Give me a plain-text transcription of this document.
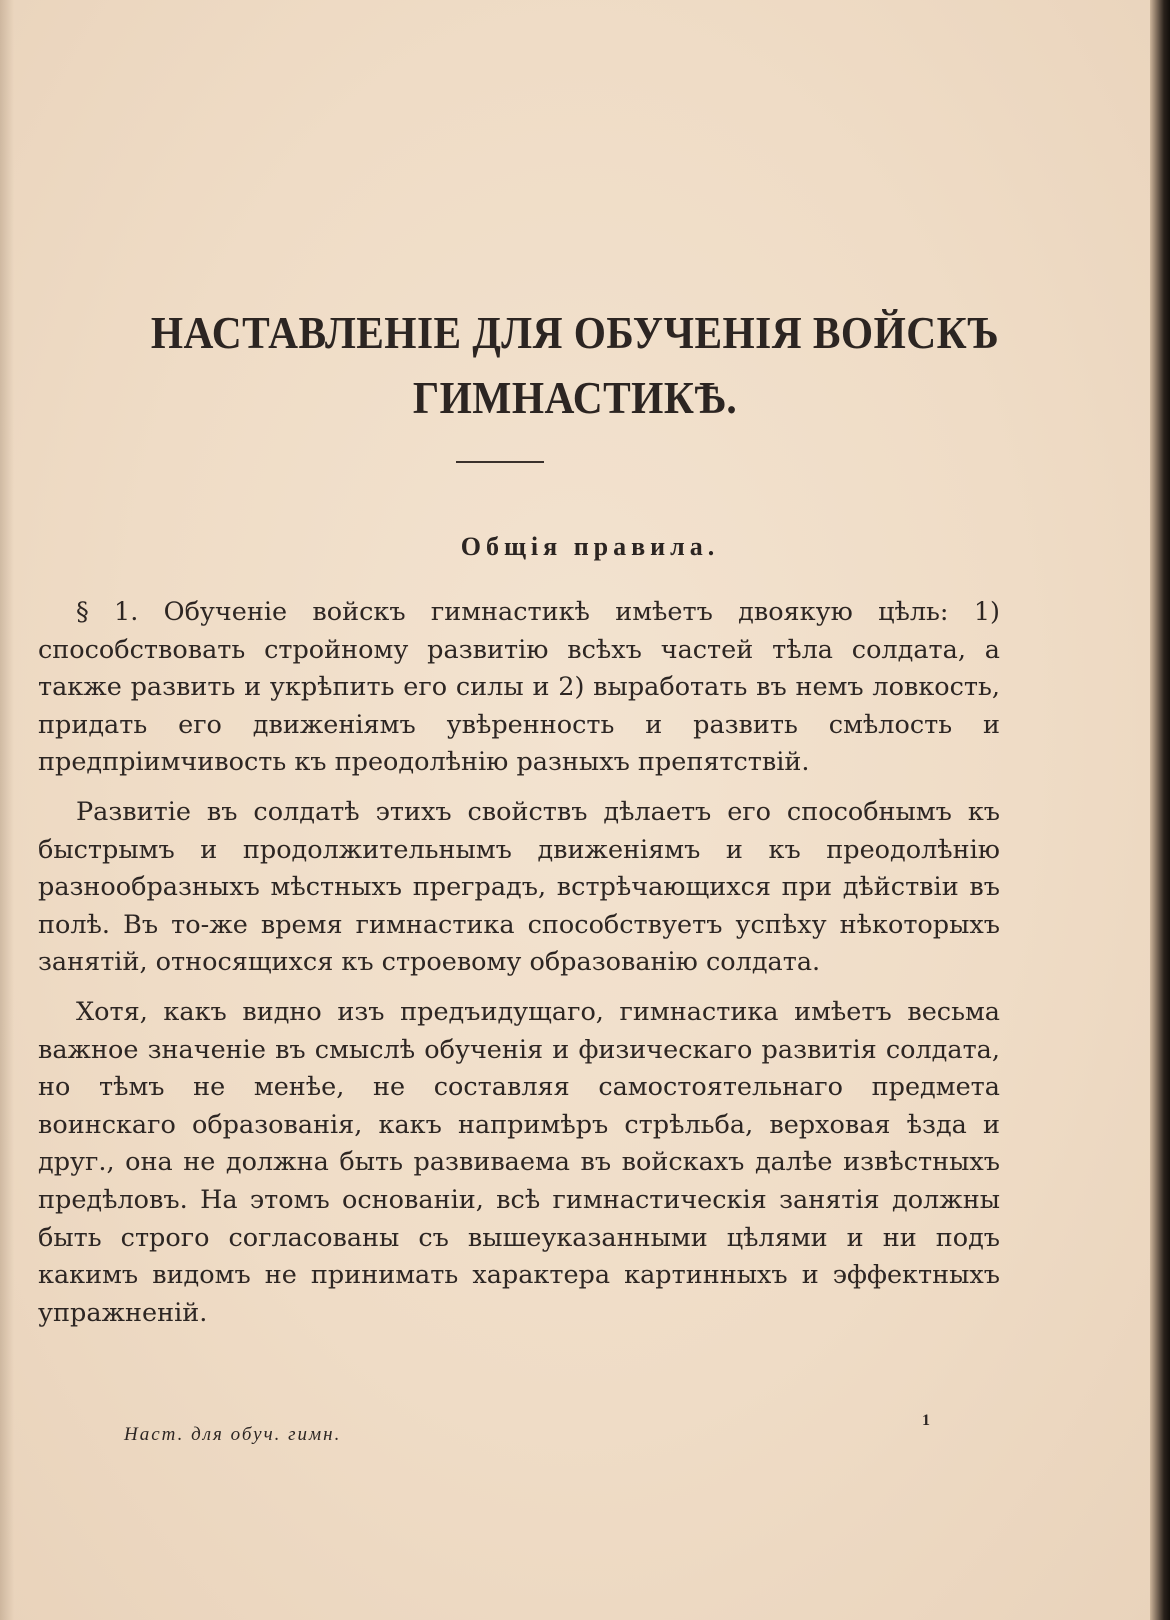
НАСТАВЛЕНІЕ ДЛЯ ОБУЧЕНІЯ ВОЙСКЪ
ГИМНАСТИКѢ.
Общія правила.

§ 1. Обученіе войскъ гимнастикѣ имѣетъ двоякую цѣль: 1) способствовать стройному развитію всѣхъ частей тѣла солдата, а также развить и укрѣпить его силы и 2) выработать въ немъ ловкость, придать его движеніямъ увѣренность и развить смѣлость и предпріимчивость къ преодолѣнію разныхъ препятствій.

Развитіе въ солдатѣ этихъ свойствъ дѣлаетъ его способнымъ къ быстрымъ и продолжительнымъ движеніямъ и къ преодолѣнію разнообразныхъ мѣстныхъ преградъ, встрѣчающихся при дѣйствіи въ полѣ. Въ то-же время гимнастика способствуетъ успѣху нѣкоторыхъ занятій, относящихся къ строевому образованію солдата.

Хотя, какъ видно изъ предъидущаго, гимнастика имѣетъ весьма важное значеніе въ смыслѣ обученія и физическаго развитія солдата, но тѣмъ не менѣе, не составляя самостоятельнаго предмета воинскаго образованія, какъ напримѣръ стрѣльба, верховая ѣзда и друг., она не должна быть развиваема въ войскахъ далѣе извѣстныхъ предѣловъ. На этомъ основаніи, всѣ гимнастическія занятія должны быть строго согласованы съ вышеуказанными цѣлями и ни подъ какимъ видомъ не принимать характера картинныхъ и эффектныхъ упражненій.

Наст. для обуч. гимн.
1
